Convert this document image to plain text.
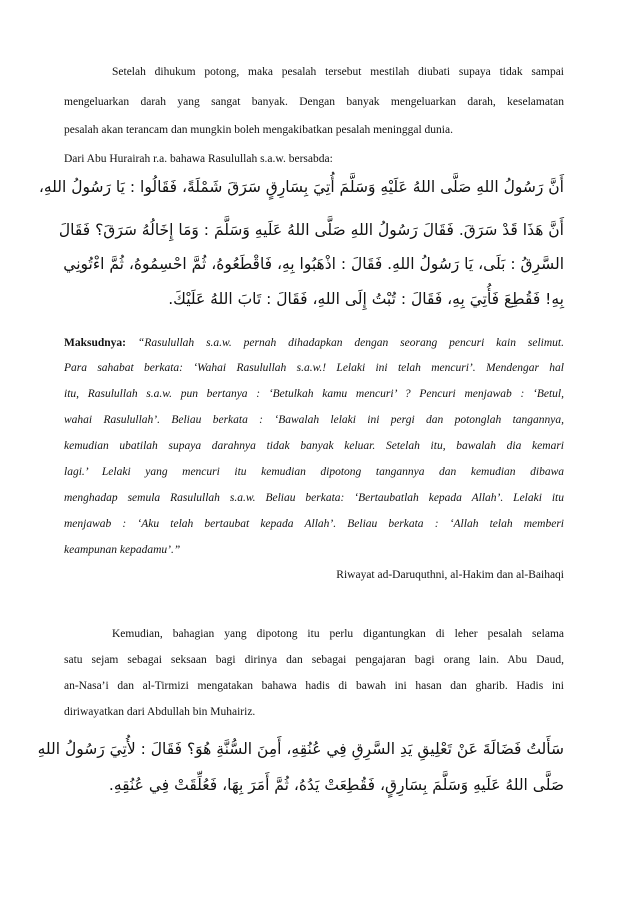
Setelah dihukum potong, maka pesalah tersebut mestilah diubati supaya tidak sampai
mengeluarkan darah yang sangat banyak. Dengan banyak mengeluarkan darah, keselamatan
pesalah akan terancam dan mungkin boleh mengakibatkan pesalah meninggal dunia.
Dari Abu Hurairah r.a. bahawa Rasulullah s.a.w. bersabda:
أَنَّ رَسُولُ اللهِ صَلَّى اللهُ عَلَيْهِ وَسَلَّمَ أُتِيَ بِسَارِقٍ سَرَقَ شَمْلَةً، فَقَالُوا : يَا رَسُولُ اللهِ،
أَنَّ هَذَا قَدْ سَرَقَ. فَقَالَ رَسُولُ اللهِ صَلَّى اللهُ عَلَيهِ وَسَلَّمَ : وَمَا إِخَالُهُ سَرَقَ؟ فَقَالَ
السَّرِقُ : بَلَى، يَا رَسُولُ اللهِ. فَقَالَ : اذْهَبُوا بِهِ، فَاقْطَعُوهُ، ثُمَّ احْسِمُوهُ، ثُمَّ اءْتُونِي
بِهِ! فَقُطِعَ فَأُتِيَ بِهِ، فَقَالَ : تُبْتُ إِلَى اللهِ، فَقَالَ : تَابَ اللهُ عَلَيْكَ.
Maksudnya: “Rasulullah s.a.w. pernah dihadapkan dengan seorang pencuri kain selimut.
Para sahabat berkata: ‘Wahai Rasulullah s.a.w.! Lelaki ini telah mencuri’. Mendengar hal
itu, Rasulullah s.a.w. pun bertanya : ‘Betulkah kamu mencuri’ ? Pencuri menjawab : ‘Betul,
wahai Rasulullah’. Beliau berkata : ‘Bawalah lelaki ini pergi dan potonglah tangannya,
kemudian ubatilah supaya darahnya tidak banyak keluar. Setelah itu, bawalah dia kemari
lagi.’ Lelaki yang mencuri itu kemudian dipotong tangannya dan kemudian dibawa
menghadap semula Rasulullah s.a.w. Beliau berkata: ‘Bertaubatlah kepada Allah’. Lelaki itu
menjawab : ‘Aku telah bertaubat kepada Allah’. Beliau berkata : ‘Allah telah memberi
keampunan kepadamu’.”
Riwayat ad-Daruquthni, al-Hakim dan al-Baihaqi
Kemudian, bahagian yang dipotong itu perlu digantungkan di leher pesalah selama
satu sejam sebagai seksaan bagi dirinya dan sebagai pengajaran bagi orang lain. Abu Daud,
an-Nasa’i dan al-Tirmizi mengatakan bahawa hadis di bawah ini hasan dan gharib. Hadis ini
diriwayatkan dari Abdullah bin Muhairiz.
سَأَلتُ فَضَالَةَ عَنْ تَعْلِيقِ يَدِ السَّرِقِ فِي عُنُقِهِ، أَمِنَ السُّنَّةِ هُوَ؟ فَقَالَ : لأُتِيَ رَسُولُ اللهِ
صَلَّى اللهُ عَلَيهِ وَسَلَّمَ بِسَارِقٍ، فَقُطِعَتْ يَدُهُ، ثُمَّ أَمَرَ بِهَا، فَعُلِّقَتْ فِي عُنُقِهِ.
